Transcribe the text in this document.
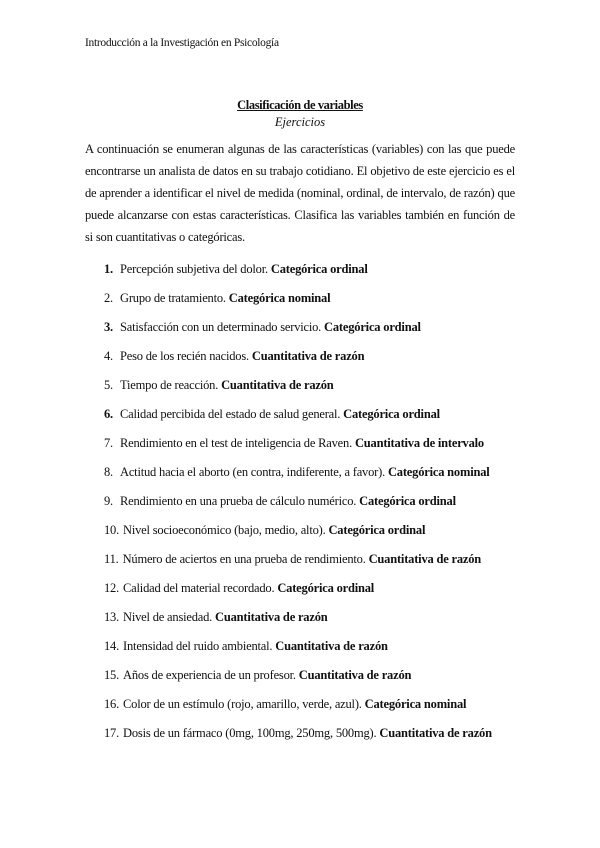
Introducción a la Investigación en Psicología
Clasificación de variables
Ejercicios
A continuación se enumeran algunas de las características (variables) con las que puede encontrarse un analista de datos en su trabajo cotidiano. El objetivo de este ejercicio es el de aprender a identificar el nivel de medida (nominal, ordinal, de intervalo, de razón) que puede alcanzarse con estas características. Clasifica las variables también en función de si son cuantitativas o categóricas.
1. Percepción subjetiva del dolor. Categórica ordinal
2. Grupo de tratamiento. Categórica nominal
3. Satisfacción con un determinado servicio. Categórica ordinal
4. Peso de los recién nacidos. Cuantitativa de razón
5. Tiempo de reacción. Cuantitativa de razón
6. Calidad percibida del estado de salud general. Categórica ordinal
7. Rendimiento en el test de inteligencia de Raven. Cuantitativa de intervalo
8. Actitud hacia el aborto (en contra, indiferente, a favor). Categórica nominal
9. Rendimiento en una prueba de cálculo numérico. Categórica ordinal
10. Nivel socioeconómico (bajo, medio, alto). Categórica ordinal
11. Número de aciertos en una prueba de rendimiento. Cuantitativa de razón
12. Calidad del material recordado. Categórica ordinal
13. Nivel de ansiedad. Cuantitativa de razón
14. Intensidad del ruido ambiental. Cuantitativa de razón
15. Años de experiencia de un profesor. Cuantitativa de razón
16. Color de un estímulo (rojo, amarillo, verde, azul). Categórica nominal
17. Dosis de un fármaco (0mg, 100mg, 250mg, 500mg). Cuantitativa de razón
